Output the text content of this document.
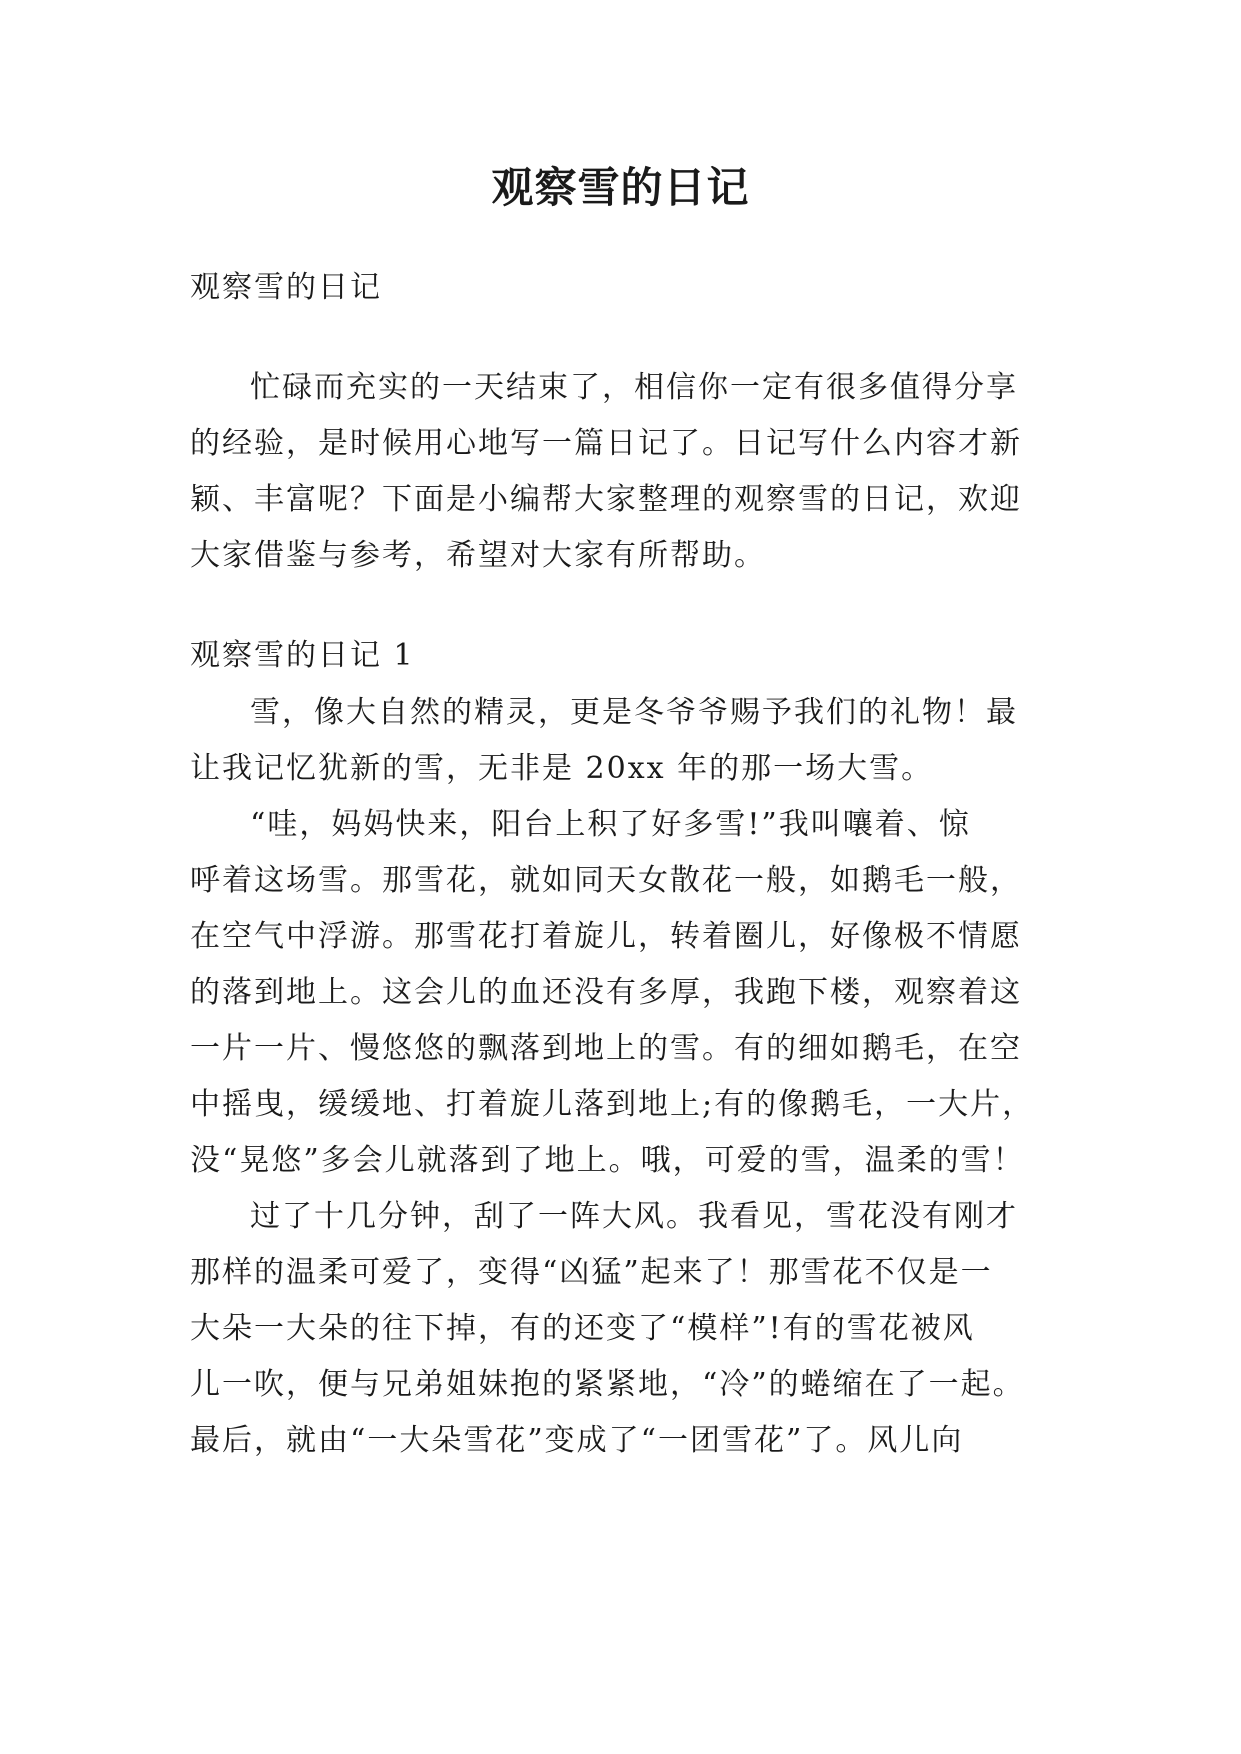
观察雪的日记

观察雪的日记

忙碌而充实的一天结束了，相信你一定有很多值得分享

的经验，是时候用心地写一篇日记了。日记写什么内容才新

颖、丰富呢？下面是小编帮大家整理的观察雪的日记，欢迎

大家借鉴与参考，希望对大家有所帮助。

观察雪的日记 1

雪，像大自然的精灵，更是冬爷爷赐予我们的礼物！最

让我记忆犹新的雪，无非是 20xx 年的那一场大雪。

“哇，妈妈快来，阳台上积了好多雪!”我叫嚷着、惊

呼着这场雪。那雪花，就如同天女散花一般，如鹅毛一般，

在空气中浮游。那雪花打着旋儿，转着圈儿，好像极不情愿

的落到地上。这会儿的血还没有多厚，我跑下楼，观察着这

一片一片、慢悠悠的飘落到地上的雪。有的细如鹅毛，在空

中摇曳，缓缓地、打着旋儿落到地上;有的像鹅毛，一大片，

没“晃悠”多会儿就落到了地上。哦，可爱的雪，温柔的雪！

过了十几分钟，刮了一阵大风。我看见，雪花没有刚才

那样的温柔可爱了，变得“凶猛”起来了！那雪花不仅是一

大朵一大朵的往下掉，有的还变了“模样”!有的雪花被风

儿一吹，便与兄弟姐妹抱的紧紧地，“冷”的蜷缩在了一起。

最后，就由“一大朵雪花”变成了“一团雪花”了。风儿向
